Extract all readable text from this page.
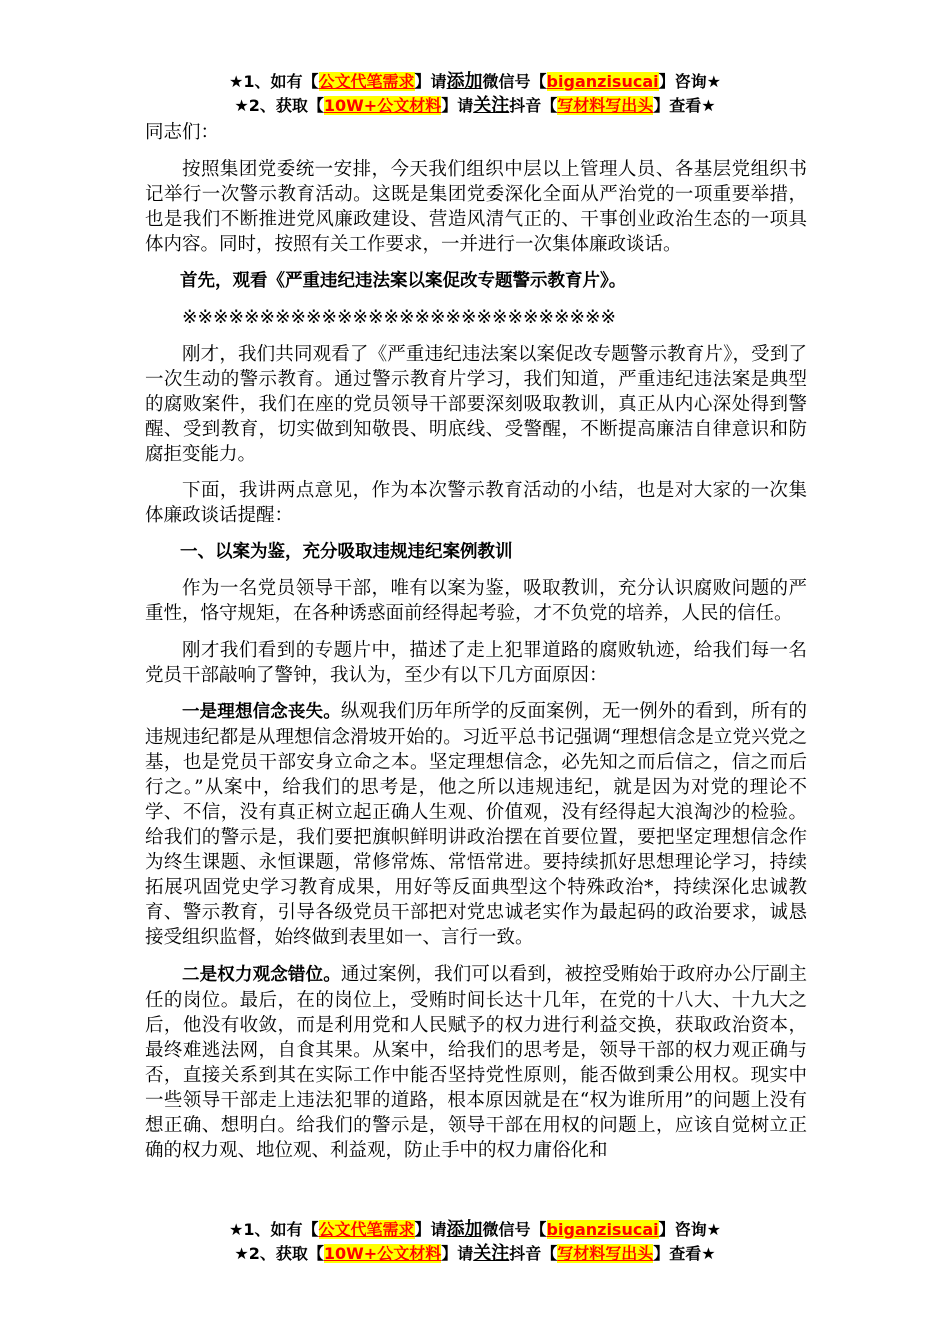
★1、如有【公文代笔需求】请添加微信号【biganzisucai】咨询★
★2、获取【10W+公文材料】请关注抖音【写材料写出头】查看★

同志们：

按照集团党委统一安排，今天我们组织中层以上管理人员、各基层党组织书记举行一次警示教育活动。这既是集团党委深化全面从严治党的一项重要举措，也是我们不断推进党风廉政建设、营造风清气正的、干事创业政治生态的一项具体内容。同时，按照有关工作要求，一并进行一次集体廉政谈话。

首先，观看《严重违纪违法案以案促改专题警示教育片》。

※※※※※※※※※※※※※※※※※※※※※※※※※※※※

刚才，我们共同观看了《严重违纪违法案以案促改专题警示教育片》，受到了一次生动的警示教育。通过警示教育片学习，我们知道，严重违纪违法案是典型的腐败案件，我们在座的党员领导干部要深刻吸取教训，真正从内心深处得到警醒、受到教育，切实做到知敬畏、明底线、受警醒，不断提高廉洁自律意识和防腐拒变能力。

下面，我讲两点意见，作为本次警示教育活动的小结，也是对大家的一次集体廉政谈话提醒：

一、以案为鉴，充分吸取违规违纪案例教训

作为一名党员领导干部，唯有以案为鉴，吸取教训，充分认识腐败问题的严重性，恪守规矩，在各种诱惑面前经得起考验，才不负党的培养，人民的信任。

刚才我们看到的专题片中，描述了走上犯罪道路的腐败轨迹，给我们每一名党员干部敲响了警钟，我认为，至少有以下几方面原因：

一是理想信念丧失。纵观我们历年所学的反面案例，无一例外的看到，所有的违规违纪都是从理想信念滑坡开始的。习近平总书记强调“理想信念是立党兴党之基，也是党员干部安身立命之本。坚定理想信念，必先知之而后信之，信之而后行之。”从案中，给我们的思考是，他之所以违规违纪，就是因为对党的理论不学、不信，没有真正树立起正确人生观、价值观，没有经得起大浪淘沙的检验。给我们的警示是，我们要把旗帜鲜明讲政治摆在首要位置，要把坚定理想信念作为终生课题、永恒课题，常修常炼、常悟常进。要持续抓好思想理论学习，持续拓展巩固党史学习教育成果，用好等反面典型这个特殊政治*，持续深化忠诚教育、警示教育，引导各级党员干部把对党忠诚老实作为最起码的政治要求，诚恳接受组织监督，始终做到表里如一、言行一致。

二是权力观念错位。通过案例，我们可以看到，被控受贿始于政府办公厅副主任的岗位。最后，在的岗位上，受贿时间长达十几年，在党的十八大、十九大之后，他没有收敛，而是利用党和人民赋予的权力进行利益交换，获取政治资本，最终难逃法网，自食其果。从案中，给我们的思考是，领导干部的权力观正确与否，直接关系到其在实际工作中能否坚持党性原则，能否做到秉公用权。现实中一些领导干部走上违法犯罪的道路，根本原因就是在“权为谁所用”的问题上没有想正确、想明白。给我们的警示是，领导干部在用权的问题上，应该自觉树立正确的权力观、地位观、利益观，防止手中的权力庸俗化和

★1、如有【公文代笔需求】请添加微信号【biganzisucai】咨询★
★2、获取【10W+公文材料】请关注抖音【写材料写出头】查看★
